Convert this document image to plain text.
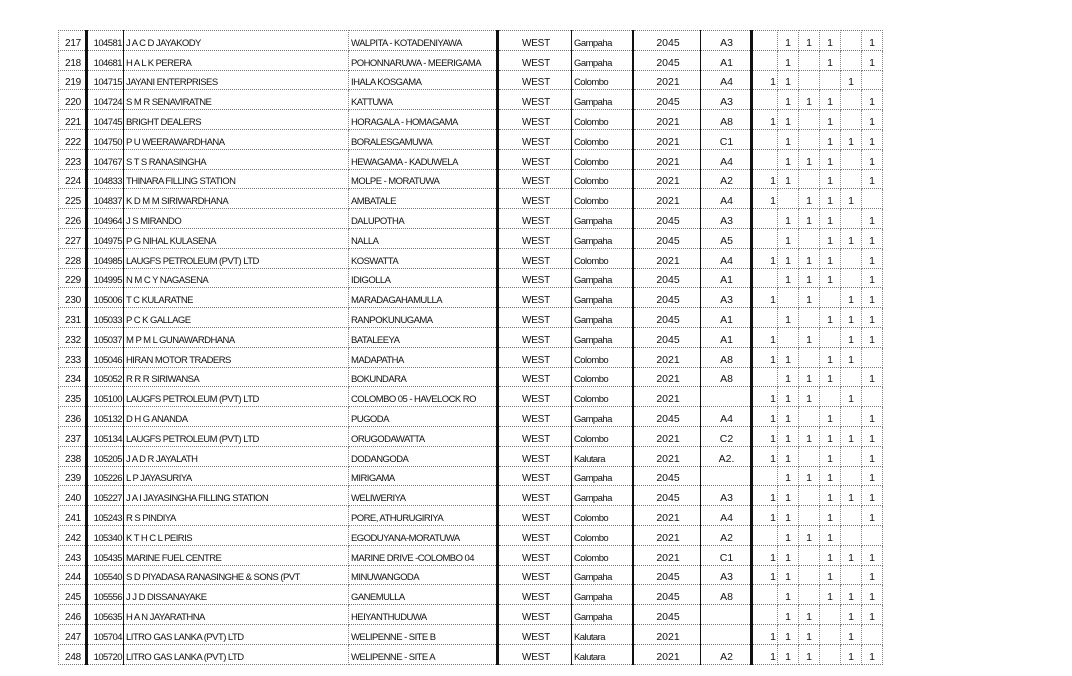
217	104581	J A C D JAYAKODY	WALPITA - KOTADENIYAWA	WEST	Gampaha	2045	A3		1	1	1		1
218	104681	H A L K PERERA	POHONNARUWA - MEERIGAMA	WEST	Gampaha	2045	A1		1		1		1
219	104715	JAYANI ENTERPRISES	IHALA KOSGAMA	WEST	Colombo	2021	A4	1	1			1	
220	104724	S M R SENAVIRATNE	KATTUWA	WEST	Gampaha	2045	A3		1	1	1		1
221	104745	BRIGHT DEALERS	HORAGALA - HOMAGAMA	WEST	Colombo	2021	A8	1	1		1		1
222	104750	P U WEERAWARDHANA	BORALESGAMUWA	WEST	Colombo	2021	C1		1		1	1	1
223	104767	S T S RANASINGHA	HEWAGAMA - KADUWELA	WEST	Colombo	2021	A4		1	1	1		1
224	104833	THINARA FILLING STATION	MOLPE - MORATUWA	WEST	Colombo	2021	A2	1	1		1		1
225	104837	K D M M SIRIWARDHANA	AMBATALE	WEST	Colombo	2021	A4	1		1	1	1	
226	104964	J S MIRANDO	DALUPOTHA	WEST	Gampaha	2045	A3		1	1	1		1
227	104975	P G NIHAL KULASENA	NALLA	WEST	Gampaha	2045	A5		1		1	1	1
228	104985	LAUGFS PETROLEUM (PVT) LTD	KOSWATTA	WEST	Colombo	2021	A4	1	1	1	1		1
229	104995	N M C Y NAGASENA	IDIGOLLA	WEST	Gampaha	2045	A1		1	1	1		1
230	105006	T C KULARATNE	MARADAGAHAMULLA	WEST	Gampaha	2045	A3	1		1		1	1
231	105033	P C K GALLAGE	RANPOKUNUGAMA	WEST	Gampaha	2045	A1		1		1	1	1
232	105037	M P M L GUNAWARDHANA	BATALEEYA	WEST	Gampaha	2045	A1	1		1		1	1
233	105046	HIRAN MOTOR TRADERS	MADAPATHA	WEST	Colombo	2021	A8	1	1		1	1	
234	105052	R R R SIRIWANSA	BOKUNDARA	WEST	Colombo	2021	A8		1	1	1		1
235	105100	LAUGFS PETROLEUM (PVT) LTD	COLOMBO 05 - HAVELOCK RO	WEST	Colombo	2021		1	1	1		1	
236	105132	D H G ANANDA	PUGODA	WEST	Gampaha	2045	A4	1	1		1		1
237	105134	LAUGFS PETROLEUM (PVT) LTD	ORUGODAWATTA	WEST	Colombo	2021	C2	1	1	1	1	1	1
238	105205	J A D R JAYALATH	DODANGODA	WEST	Kalutara	2021	A2.	1	1		1		1
239	105226	L P JAYASURIYA	MIRIGAMA	WEST	Gampaha	2045			1	1	1		1
240	105227	J A I JAYASINGHA FILLING STATION	WELIWERIYA	WEST	Gampaha	2045	A3	1	1		1	1	1
241	105243	R S PINDIYA	PORE, ATHURUGIRIYA	WEST	Colombo	2021	A4	1	1		1		1
242	105340	K T H C L PEIRIS	EGODUYANA-MORATUWA	WEST	Colombo	2021	A2		1	1	1		
243	105435	MARINE FUEL CENTRE	MARINE DRIVE -COLOMBO 04	WEST	Colombo	2021	C1	1	1		1	1	1
244	105540	S D PIYADASA RANASINGHE & SONS (PVT	MINUWANGODA	WEST	Gampaha	2045	A3	1	1		1		1
245	105556	J J D DISSANAYAKE	GANEMULLA	WEST	Gampaha	2045	A8		1		1	1	1
246	105635	H A N JAYARATHNA	HEIYANTHUDUWA	WEST	Gampaha	2045			1	1		1	1
247	105704	LITRO GAS LANKA (PVT) LTD	WELIPENNE - SITE B	WEST	Kalutara	2021		1	1	1		1	
248	105720	LITRO GAS LANKA (PVT) LTD	WELIPENNE - SITE A	WEST	Kalutara	2021	A2	1	1	1		1	1
